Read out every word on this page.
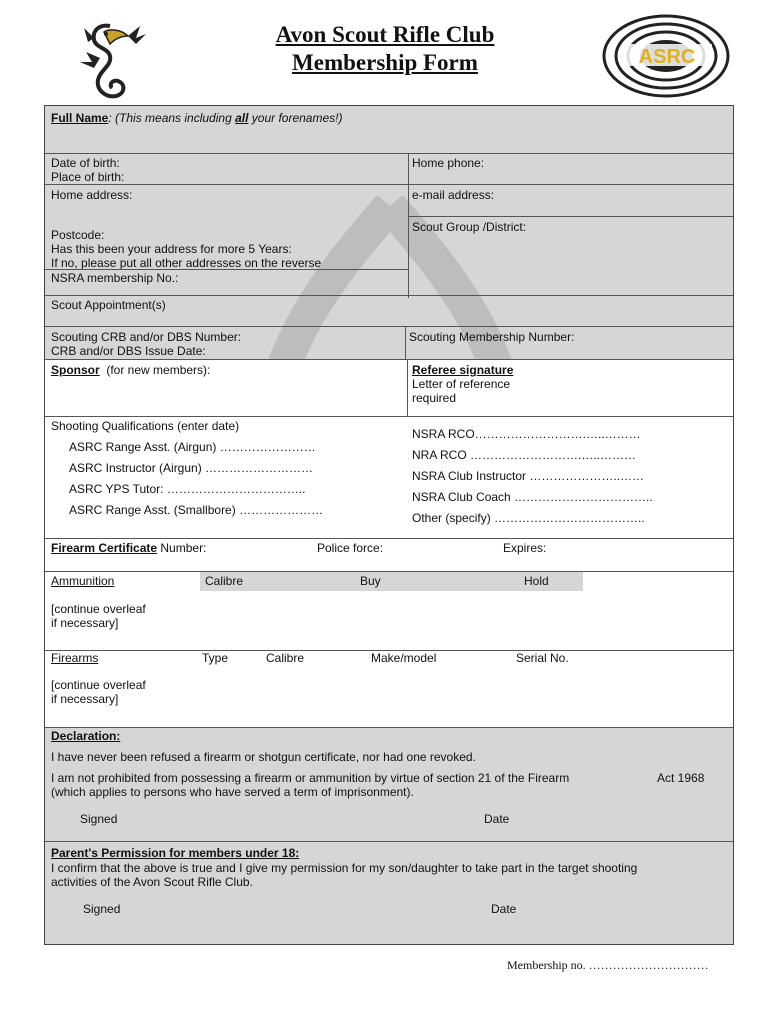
Avon Scout Rifle Club
Membership Form	ASRC
Full Name: (This means including all your forenames!)
Date of birth:
Place of birth:
Home phone:
Home address:	e-mail address:
Scout Group /District:
Postcode:
Has this been your address for more 5 Years:
If no, please put all other addresses on the reverse
NSRA membership No.:
Scout Appointment(s)
Scouting CRB and/or DBS Number:
CRB and/or DBS Issue Date:
Scouting Membership Number:
Sponsor (for new members):	Referee signature
Letter of reference
required
Shooting Qualifications (enter date)
ASRC Range Asst. (Airgun) ……………………
ASRC Instructor (Airgun) ………………………
ASRC YPS Tutor: ……………………………..
ASRC Range Asst. (Smallbore) …………………
NSRA RCO……………………….…..………
NRA RCO ……………………….…..………
NSRA Club Instructor …………………..……
NSRA Club Coach ……………………………..
Other (specify) ………………………………..
Firearm Certificate Number:	Police force:	Expires:
Ammunition	Calibre	Buy	Hold
[continue overleaf
if necessary]
Firearms	Type	Calibre	Make/model	Serial No.
[continue overleaf
if necessary]
Declaration:
I have never been refused a firearm or shotgun certificate, nor had one revoked.
I am not prohibited from possessing a firearm or ammunition by virtue of section 21 of the Firearm	Act 1968
(which applies to persons who have served a term of imprisonment).
Signed	Date
Parent's Permission for members under 18:
I confirm that the above is true and I give my permission for my son/daughter to take part in the target shooting
activities of the Avon Scout Rifle Club.
Signed	Date
Membership no. …………………………
